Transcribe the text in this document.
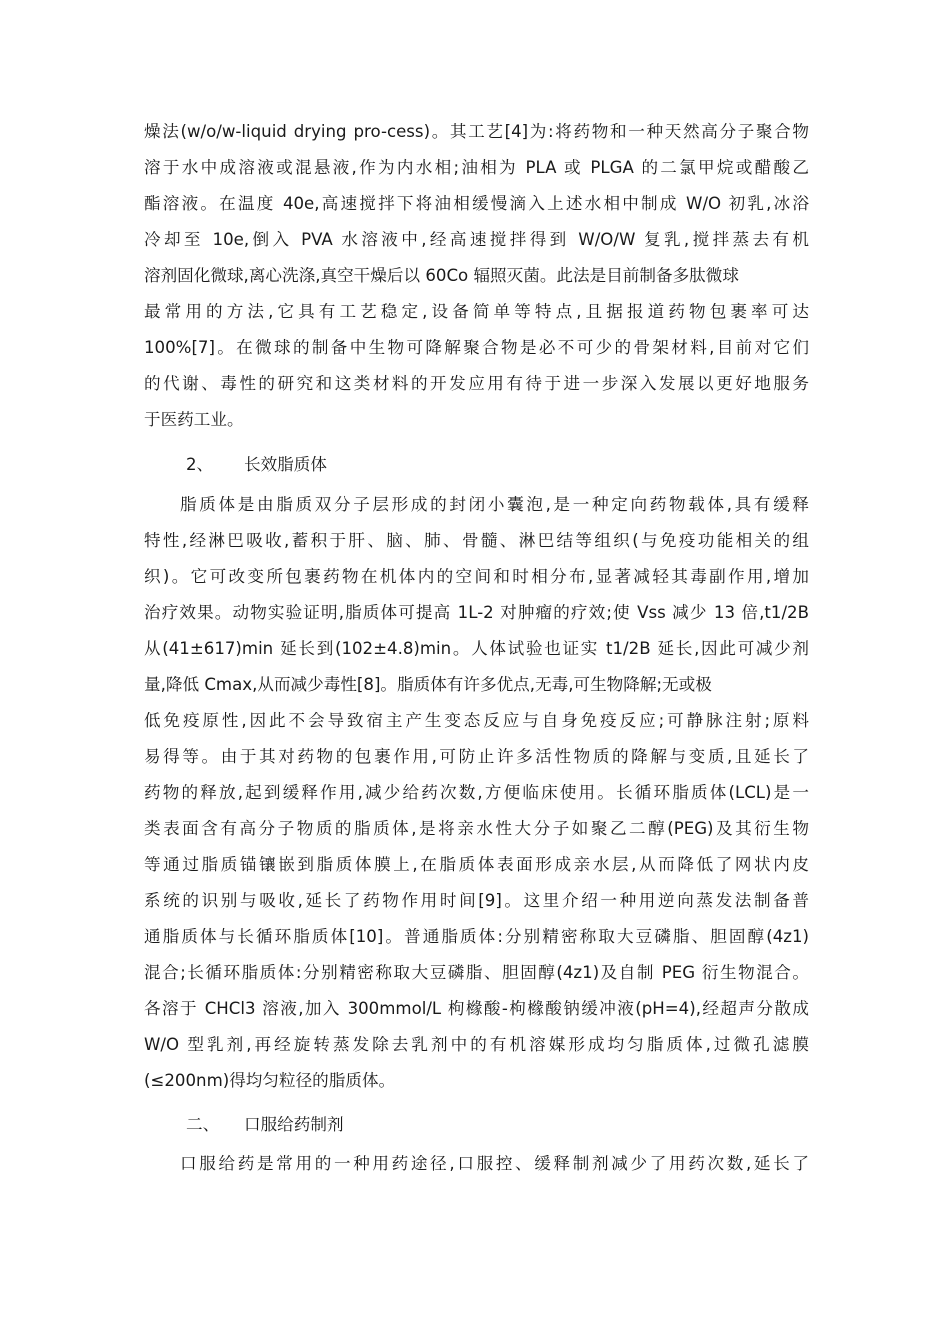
燥法(w/o/w-liquid drying pro-cess)。其工艺[4]为:将药物和一种天然高分子聚合物
溶于水中成溶液或混悬液,作为内水相;油相为 PLA 或 PLGA 的二氯甲烷或醋酸乙
酯溶液。在温度 40e,高速搅拌下将油相缓慢滴入上述水相中制成 W/O 初乳,冰浴
冷却至 10e,倒入 PVA 水溶液中,经高速搅拌得到 W/O/W 复乳,搅拌蒸去有机
溶剂固化微球,离心洗涤,真空干燥后以 60Co 辐照灭菌。此法是目前制备多肽微球
最常用的方法,它具有工艺稳定,设备简单等特点,且据报道药物包裹率可达
100%[7]。在微球的制备中生物可降解聚合物是必不可少的骨架材料,目前对它们
的代谢、毒性的研究和这类材料的开发应用有待于进一步深入发展以更好地服务
于医药工业。
2、 长效脂质体
脂质体是由脂质双分子层形成的封闭小囊泡,是一种定向药物载体,具有缓释
特性,经淋巴吸收,蓄积于肝、脑、肺、骨髓、淋巴结等组织(与免疫功能相关的组
织)。它可改变所包裹药物在机体内的空间和时相分布,显著减轻其毒副作用,增加
治疗效果。动物实验证明,脂质体可提高 1L-2 对肿瘤的疗效;使 Vss 减少 13 倍,t1/2B
从(41±617)min 延长到(102±4.8)min。人体试验也证实 t1/2B 延长,因此可减少剂
量,降低 Cmax,从而减少毒性[8]。脂质体有许多优点,无毒,可生物降解;无或极
低免疫原性,因此不会导致宿主产生变态反应与自身免疫反应;可静脉注射;原料
易得等。由于其对药物的包裹作用,可防止许多活性物质的降解与变质,且延长了
药物的释放,起到缓释作用,减少给药次数,方便临床使用。长循环脂质体(LCL)是一
类表面含有高分子物质的脂质体,是将亲水性大分子如聚乙二醇(PEG)及其衍生物
等通过脂质锚镶嵌到脂质体膜上,在脂质体表面形成亲水层,从而降低了网状内皮
系统的识别与吸收,延长了药物作用时间[9]。这里介绍一种用逆向蒸发法制备普
通脂质体与长循环脂质体[10]。普通脂质体:分别精密称取大豆磷脂、胆固醇(4z1)
混合;长循环脂质体:分别精密称取大豆磷脂、胆固醇(4z1)及自制 PEG 衍生物混合。
各溶于 CHCl3 溶液,加入 300mmol/L 枸橼酸-枸橼酸钠缓冲液(pH=4),经超声分散成
W/O 型乳剂,再经旋转蒸发除去乳剂中的有机溶媒形成均匀脂质体,过微孔滤膜
(≤200nm)得均匀粒径的脂质体。
二、 口服给药制剂
口服给药是常用的一种用药途径,口服控、缓释制剂减少了用药次数,延长了
